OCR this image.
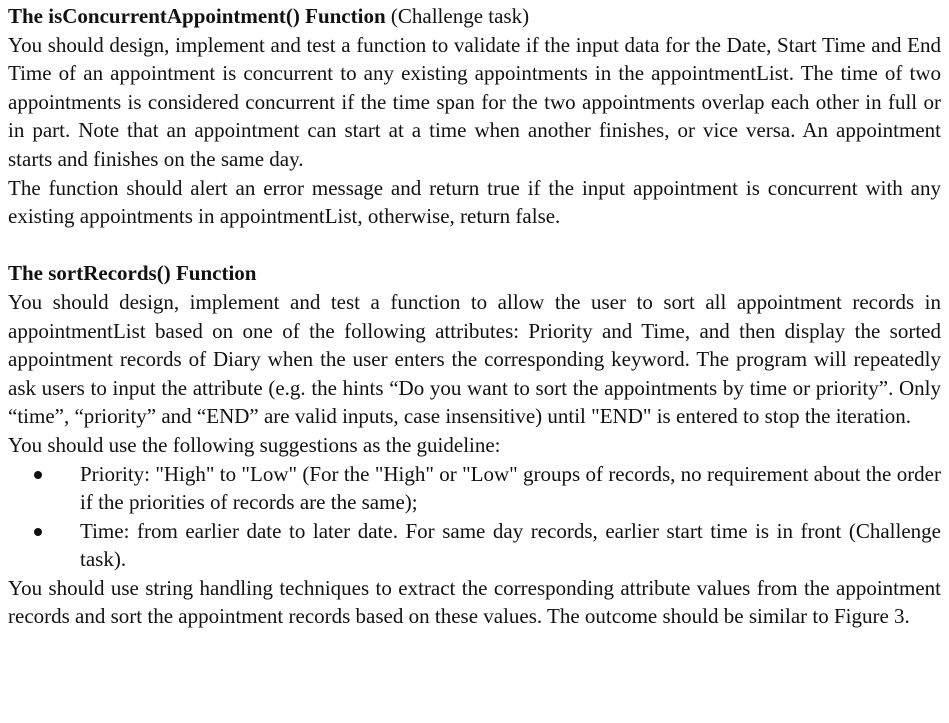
The isConcurrentAppointment() Function (Challenge task)

You should design, implement and test a function to validate if the input data for the Date, Start Time and End Time of an appointment is concurrent to any existing appointments in the appointmentList. The time of two appointments is considered concurrent if the time span for the two appointments overlap each other in full or in part. Note that an appointment can start at a time when another finishes, or vice versa. An appointment starts and finishes on the same day.

The function should alert an error message and return true if the input appointment is concurrent with any existing appointments in appointmentList, otherwise, return false.

The sortRecords() Function

You should design, implement and test a function to allow the user to sort all appointment records in appointmentList based on one of the following attributes: Priority and Time, and then display the sorted appointment records of Diary when the user enters the corresponding keyword. The program will repeatedly ask users to input the attribute (e.g. the hints “Do you want to sort the appointments by time or priority”. Only “time”, “priority” and “END” are valid inputs, case insensitive) until "END" is entered to stop the iteration.

You should use the following suggestions as the guideline:

Priority: "High" to "Low" (For the "High" or "Low" groups of records, no requirement about the order if the priorities of records are the same);
Time: from earlier date to later date. For same day records, earlier start time is in front (Challenge task).

You should use string handling techniques to extract the corresponding attribute values from the appointment records and sort the appointment records based on these values. The outcome should be similar to Figure 3.
